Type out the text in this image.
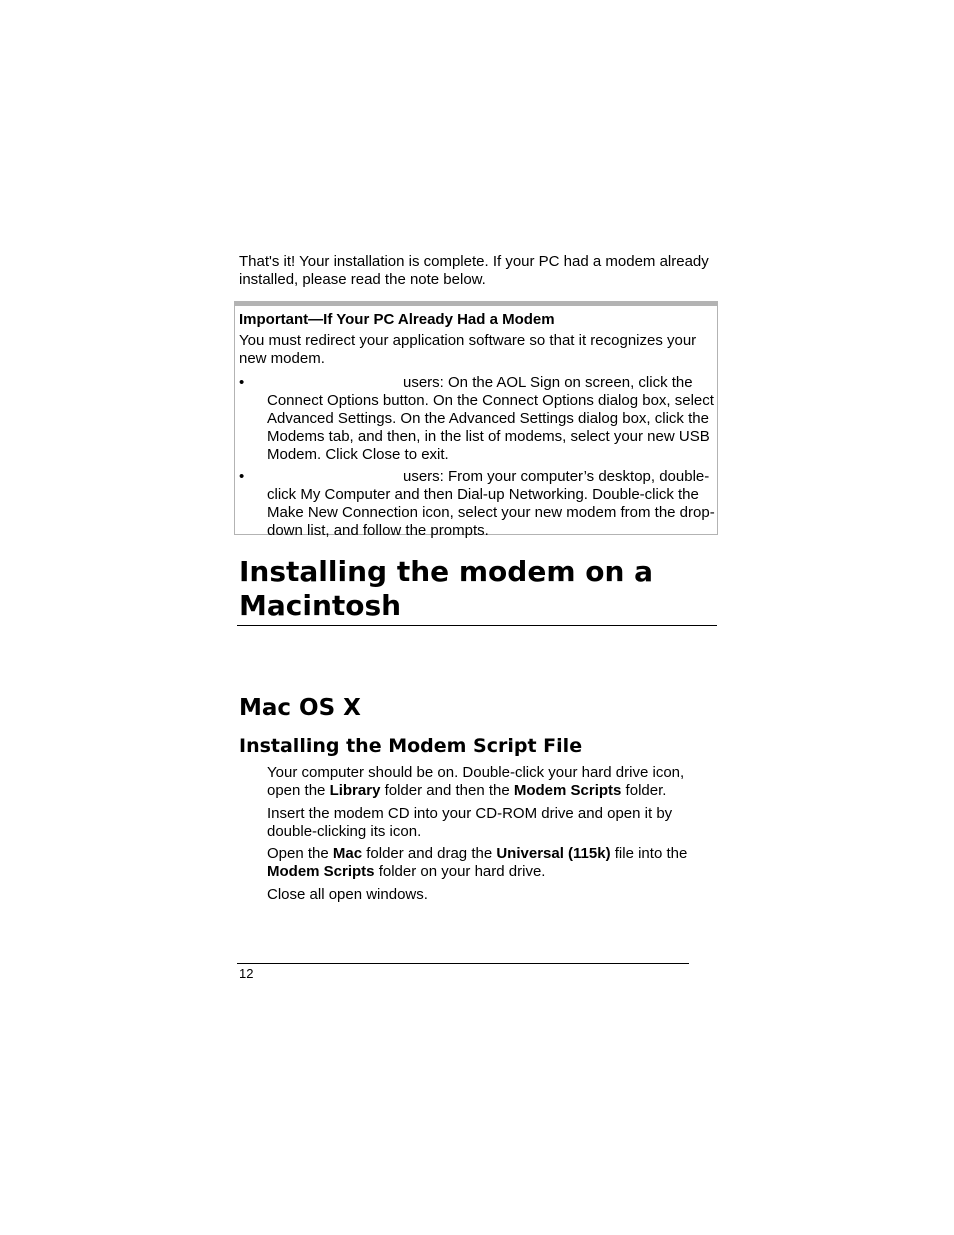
That's it! Your installation is complete. If your PC had a modem already installed, please read the note below.

Important—If Your PC Already Had a Modem
You must redirect your application software so that it recognizes your new modem.
•	users: On the AOL Sign on screen, click the Connect Options button. On the Connect Options dialog box, select Advanced Settings. On the Advanced Settings dialog box, click the Modems tab, and then, in the list of modems, select your new USB Modem. Click Close to exit.
•	users: From your computer’s desktop, double-click My Computer and then Dial-up Networking. Double-click the Make New Connection icon, select your new modem from the drop-down list, and follow the prompts.
Installing the modem on a Macintosh
Mac OS X
Installing the Modem Script File

Your computer should be on. Double-click your hard drive icon, open the Library folder and then the Modem Scripts folder.

Insert the modem CD into your CD-ROM drive and open it by double-clicking its icon.

Open the Mac folder and drag the Universal (115k) file into the Modem Scripts folder on your hard drive.

Close all open windows.

12
